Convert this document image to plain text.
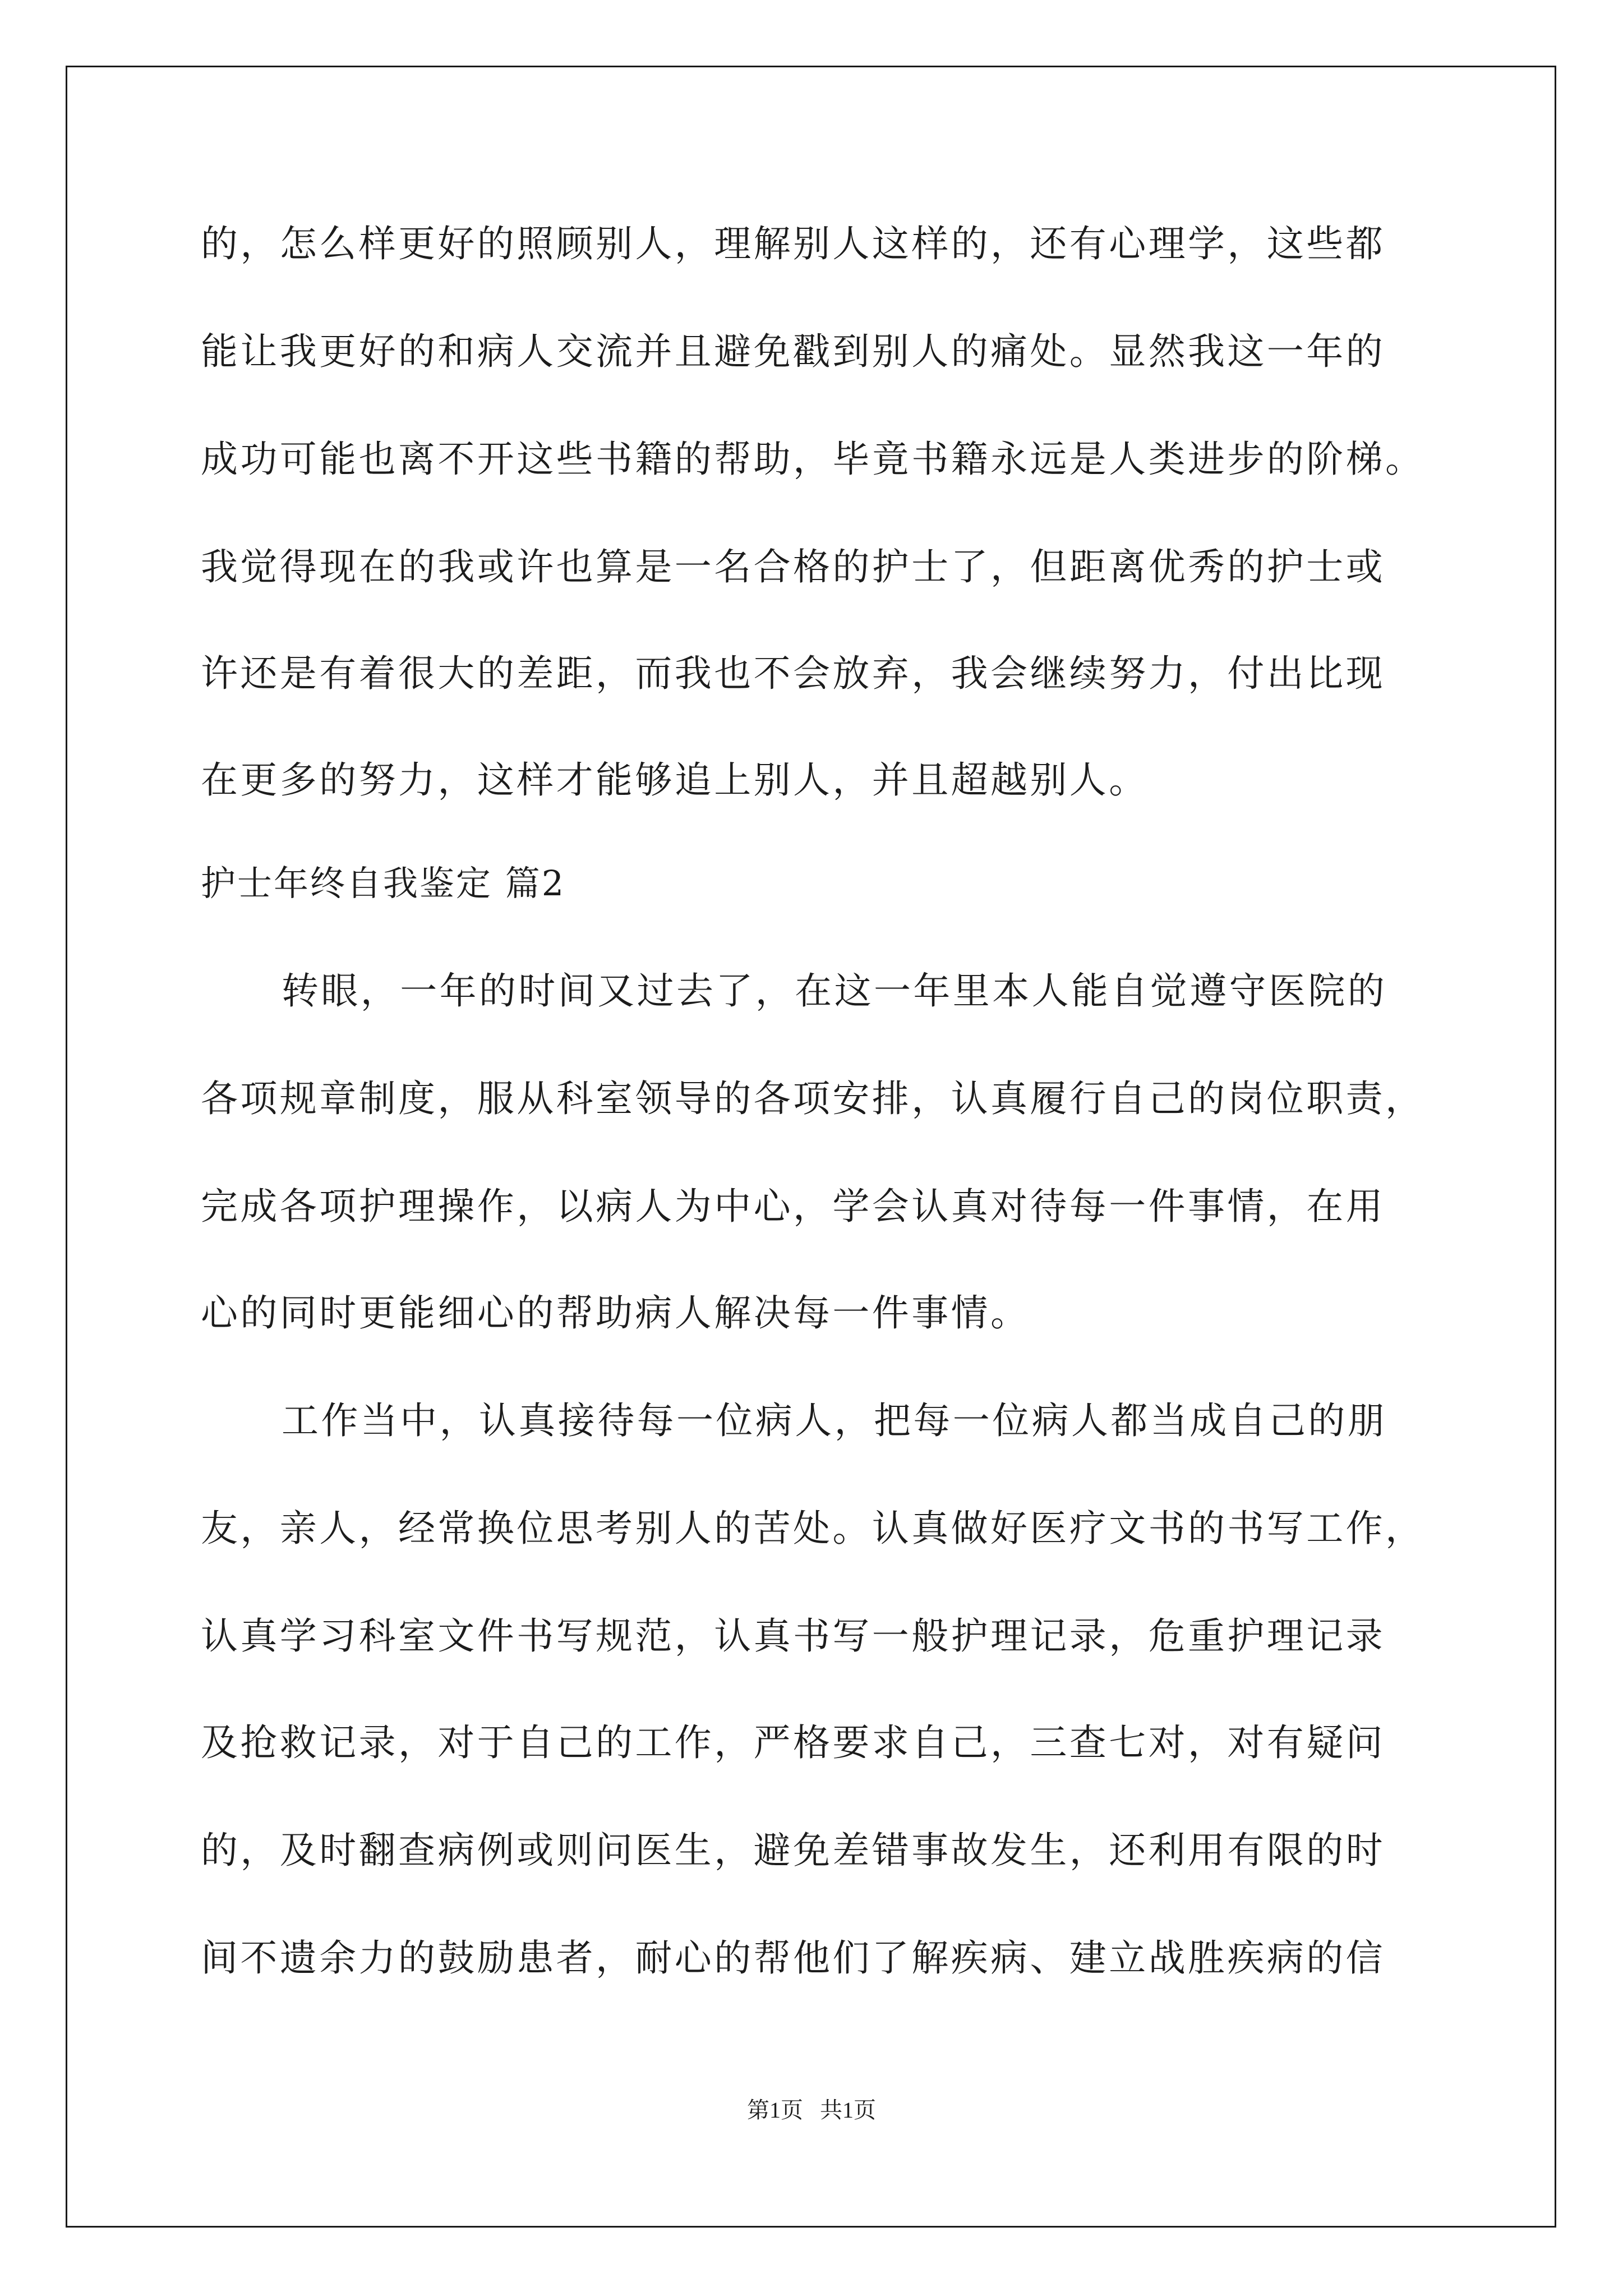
的，怎么样更好的照顾别人，理解别人这样的，还有心理学，这些都

能让我更好的和病人交流并且避免戳到别人的痛处。显然我这一年的

成功可能也离不开这些书籍的帮助，毕竟书籍永远是人类进步的阶梯。

我觉得现在的我或许也算是一名合格的护士了，但距离优秀的护士或

许还是有着很大的差距，而我也不会放弃，我会继续努力，付出比现

在更多的努力，这样才能够追上别人，并且超越别人。

护士年终自我鉴定 篇2

转眼，一年的时间又过去了，在这一年里本人能自觉遵守医院的

各项规章制度，服从科室领导的各项安排，认真履行自己的岗位职责，

完成各项护理操作，以病人为中心，学会认真对待每一件事情，在用

心的同时更能细心的帮助病人解决每一件事情。

工作当中，认真接待每一位病人，把每一位病人都当成自己的朋

友，亲人，经常换位思考别人的苦处。认真做好医疗文书的书写工作，

认真学习科室文件书写规范，认真书写一般护理记录，危重护理记录

及抢救记录，对于自己的工作，严格要求自己，三查七对，对有疑问

的，及时翻查病例或则问医生，避免差错事故发生，还利用有限的时

间不遗余力的鼓励患者，耐心的帮他们了解疾病、建立战胜疾病的信

第1页   共1页
